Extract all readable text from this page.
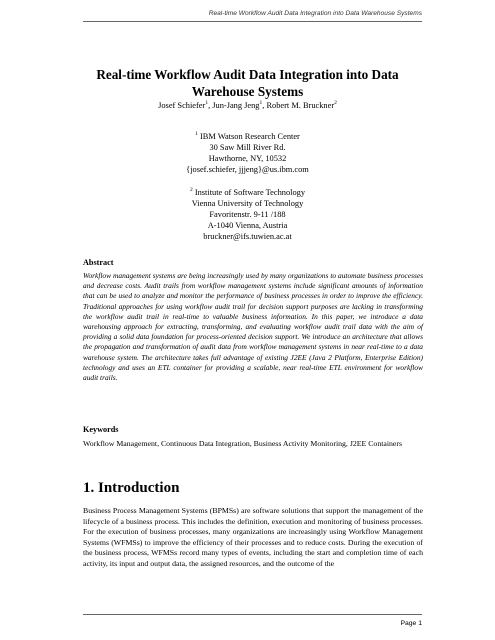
Real-time Workflow Audit Data Integration into Data Warehouse Systems
Real-time Workflow Audit Data Integration into Data Warehouse Systems
Josef Schiefer$^1$, Jun-Jang Jeng$^1$, Robert M. Bruckner$^2$
$^1$ IBM Watson Research Center
30 Saw Mill River Rd.
Hawthorne, NY, 10532
{josef.schiefer, jjjeng}@us.ibm.com
$^2$ Institute of Software Technology
Vienna University of Technology
Favoritenstr. 9-11 /188
A-1040 Vienna, Austria
bruckner@ifs.tuwien.ac.at
Abstract
Workflow management systems are being increasingly used by many organizations to automate business processes and decrease costs. Audit trails from workflow management systems include significant amounts of information that can be used to analyze and monitor the performance of business processes in order to improve the efficiency. Traditional approaches for using workflow audit trail for decision support purposes are lacking in transforming the workflow audit trail in real-time to valuable business information. In this paper, we introduce a data warehousing approach for extracting, transforming, and evaluating workflow audit trail data with the aim of providing a solid data foundation for process-oriented decision support. We introduce an architecture that allows the propagation and transformation of audit data from workflow management systems in near real-time to a data warehouse system. The architecture takes full advantage of existing J2EE (Java 2 Platform, Enterprise Edition) technology and uses an ETL container for providing a scalable, near real-time ETL environment for workflow audit trails.
Keywords
Workflow Management, Continuous Data Integration, Business Activity Monitoring, J2EE Containers
1. Introduction
Business Process Management Systems (BPMSs) are software solutions that support the management of the lifecycle of a business process. This includes the definition, execution and monitoring of business processes. For the execution of business processes, many organizations are increasingly using Workflow Management Systems (WFMSs) to improve the efficiency of their processes and to reduce costs. During the execution of the business process, WFMSs record many types of events, including the start and completion time of each activity, its input and output data, the assigned resources, and the outcome of the
Page 1
